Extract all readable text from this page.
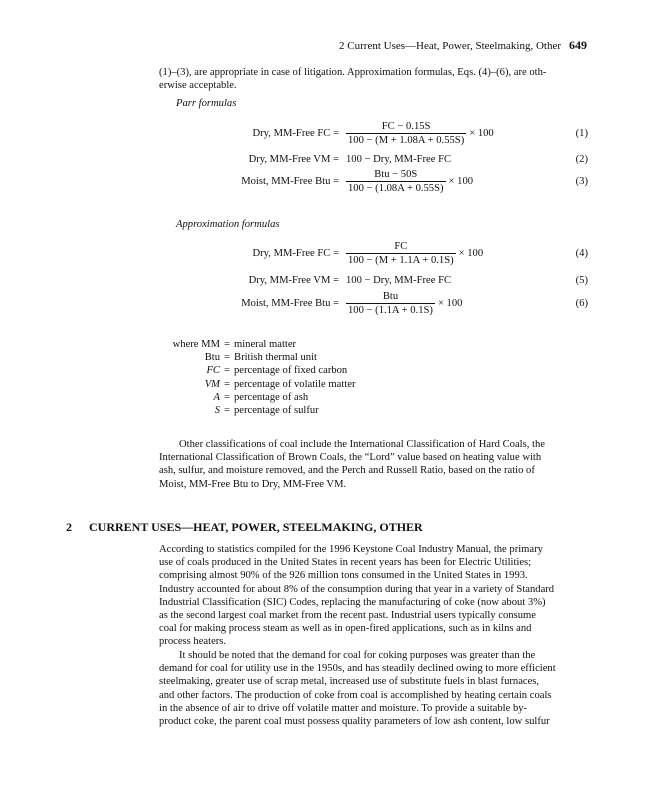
2 Current Uses—Heat, Power, Steelmaking, Other 649
(1)–(3), are appropriate in case of litigation. Approximation formulas, Eqs. (4)–(6), are oth-
erwise acceptable.
Parr formulas
Dry, MM-Free FC = $\frac{FC - 0.15S}{100 - (M + 1.08A + 0.55S)} \times 100$	(1)
Dry, MM-Free VM = 100 − Dry, MM-Free FC	(2)
Moist, MM-Free Btu = $\frac{\text{Btu − 50S}}{100 - (1.08A + 0.55S)} \times 100$	(3)
Approximation formulas
Dry, MM-Free FC = $\frac{FC}{100 - (M + 1.1A + 0.1S)} \times 100$	(4)
Dry, MM-Free VM = 100 − Dry, MM-Free FC	(5)
Moist, MM-Free Btu = $\frac{\text{Btu}}{100 - (1.1A + 0.1S)} \times 100$	(6)
where MM = mineral matter
Btu = British thermal unit
FC = percentage of fixed carbon
VM = percentage of volatile matter
A = percentage of ash
S = percentage of sulfur
Other classifications of coal include the International Classification of Hard Coals, the
International Classification of Brown Coals, the “Lord” value based on heating value with
ash, sulfur, and moisture removed, and the Perch and Russell Ratio, based on the ratio of
Moist, MM-Free Btu to Dry, MM-Free VM.
2 CURRENT USES—HEAT, POWER, STEELMAKING, OTHER
According to statistics compiled for the 1996 Keystone Coal Industry Manual, the primary
use of coals produced in the United States in recent years has been for Electric Utilities;
comprising almost 90% of the 926 million tons consumed in the United States in 1993.
Industry accounted for about 8% of the consumption during that year in a variety of Standard
Industrial Classification (SIC) Codes, replacing the manufacturing of coke (now about 3%)
as the second largest coal market from the recent past. Industrial users typically consume
coal for making process steam as well as in open-fired applications, such as in kilns and
process heaters.
It should be noted that the demand for coal for coking purposes was greater than the
demand for coal for utility use in the 1950s, and has steadily declined owing to more efficient
steelmaking, greater use of scrap metal, increased use of substitute fuels in blast furnaces,
and other factors. The production of coke from coal is accomplished by heating certain coals
in the absence of air to drive off volatile matter and moisture. To provide a suitable by-
product coke, the parent coal must possess quality parameters of low ash content, low sulfur
